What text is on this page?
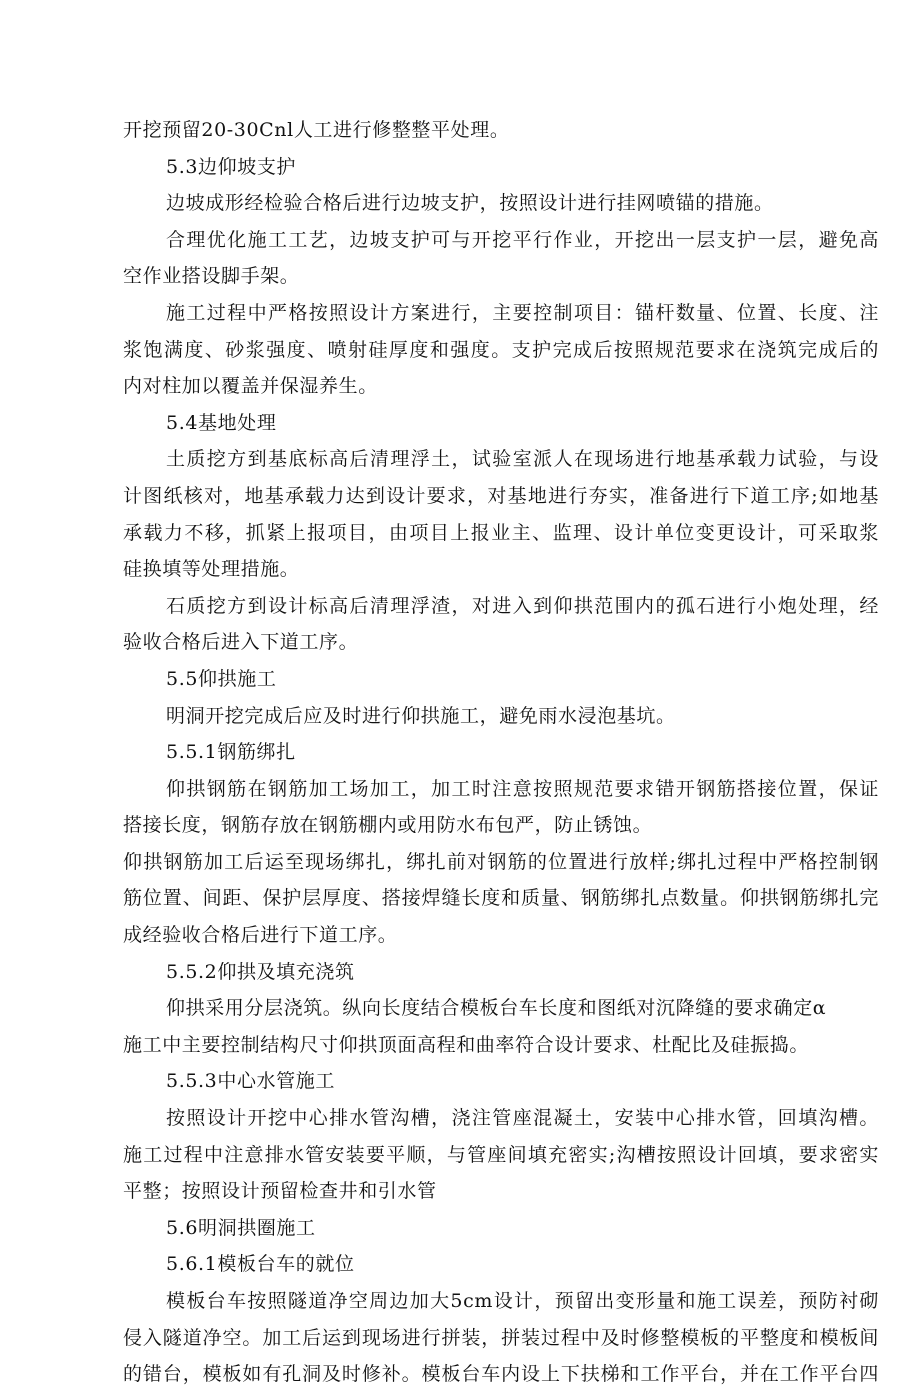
开挖预留20-30Cnl人工进行修整整平处理。
5.3边仰坡支护
边坡成形经检验合格后进行边坡支护，按照设计进行挂网喷锚的措施。
合理优化施工工艺，边坡支护可与开挖平行作业，开挖出一层支护一层，避免高
空作业搭设脚手架。
施工过程中严格按照设计方案进行，主要控制项目：锚杆数量、位置、长度、注
浆饱满度、砂浆强度、喷射硅厚度和强度。支护完成后按照规范要求在浇筑完成后的
内对柱加以覆盖并保湿养生。
5.4基地处理
土质挖方到基底标高后清理浮土，试验室派人在现场进行地基承载力试验，与设
计图纸核对，地基承载力达到设计要求，对基地进行夯实，准备进行下道工序;如地基
承载力不移，抓紧上报项目，由项目上报业主、监理、设计单位变更设计，可采取浆
硅换填等处理措施。
石质挖方到设计标高后清理浮渣，对进入到仰拱范围内的孤石进行小炮处理，经
验收合格后进入下道工序。
5.5仰拱施工
明洞开挖完成后应及时进行仰拱施工，避免雨水浸泡基坑。
5.5.1钢筋绑扎
仰拱钢筋在钢筋加工场加工，加工时注意按照规范要求错开钢筋搭接位置，保证
搭接长度，钢筋存放在钢筋棚内或用防水布包严，防止锈蚀。
仰拱钢筋加工后运至现场绑扎，绑扎前对钢筋的位置进行放样;绑扎过程中严格控制钢
筋位置、间距、保护层厚度、搭接焊缝长度和质量、钢筋绑扎点数量。仰拱钢筋绑扎完
成经验收合格后进行下道工序。
5.5.2仰拱及填充浇筑
仰拱采用分层浇筑。纵向长度结合模板台车长度和图纸对沉降缝的要求确定α
施工中主要控制结构尺寸仰拱顶面高程和曲率符合设计要求、杜配比及硅振捣。
5.5.3中心水管施工
按照设计开挖中心排水管沟槽，浇注管座混凝土，安装中心排水管，回填沟槽。
施工过程中注意排水管安装要平顺，与管座间填充密实;沟槽按照设计回填，要求密实
平整；按照设计预留检查井和引水管
5.6明洞拱圈施工
5.6.1模板台车的就位
模板台车按照隧道净空周边加大5cm设计，预留出变形量和施工误差，预防衬砌
侵入隧道净空。加工后运到现场进行拼装，拼装过程中及时修整模板的平整度和模板间
的错台，模板如有孔洞及时修补。模板台车内设上下扶梯和工作平台，并在工作平台四
